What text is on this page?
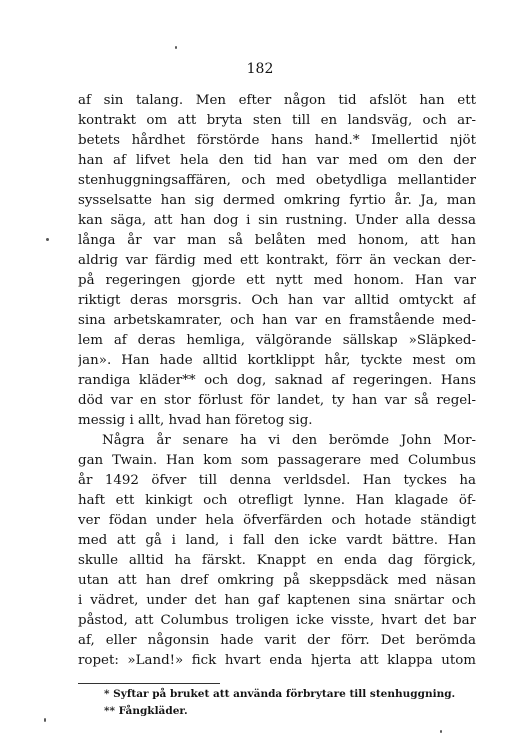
182
af sin talang. Men efter någon tid afslöt han ett
kontrakt om att bryta sten till en landsväg, och ar-
betets hårdhet förstörde hans hand.* Imellertid njöt
han af lifvet hela den tid han var med om den der
stenhuggningsaffären, och med obetydliga mellantider
sysselsatte han sig dermed omkring fyrtio år. Ja, man
kan säga, att han dog i sin rustning. Under alla dessa
långa år var man så belåten med honom, att han
aldrig var färdig med ett kontrakt, förr än veckan der-
på regeringen gjorde ett nytt med honom. Han var
riktigt deras morsgris. Och han var alltid omtyckt af
sina arbetskamrater, och han var en framstående med-
lem af deras hemliga, välgörande sällskap »Släpked-
jan». Han hade alltid kortklippt hår, tyckte mest om
randiga kläder** och dog, saknad af regeringen. Hans
död var en stor förlust för landet, ty han var så regel-
messig i allt, hvad han företog sig.
Några år senare ha vi den berömde John Mor-
gan Twain. Han kom som passagerare med Columbus
år 1492 öfver till denna verldsdel. Han tyckes ha
haft ett kinkigt och otrefligt lynne. Han klagade öf-
ver födan under hela öfverfärden och hotade ständigt
med att gå i land, i fall den icke vardt bättre. Han
skulle alltid ha färskt. Knappt en enda dag förgick,
utan att han dref omkring på skeppsdäck med näsan
i vädret, under det han gaf kaptenen sina snärtar och
påstod, att Columbus troligen icke visste, hvart det bar
af, eller någonsin hade varit der förr. Det berömda
ropet: »Land!» fick hvart enda hjerta att klappa utom
* Syftar på bruket att använda förbrytare till stenhuggning.
** Fångkläder.
